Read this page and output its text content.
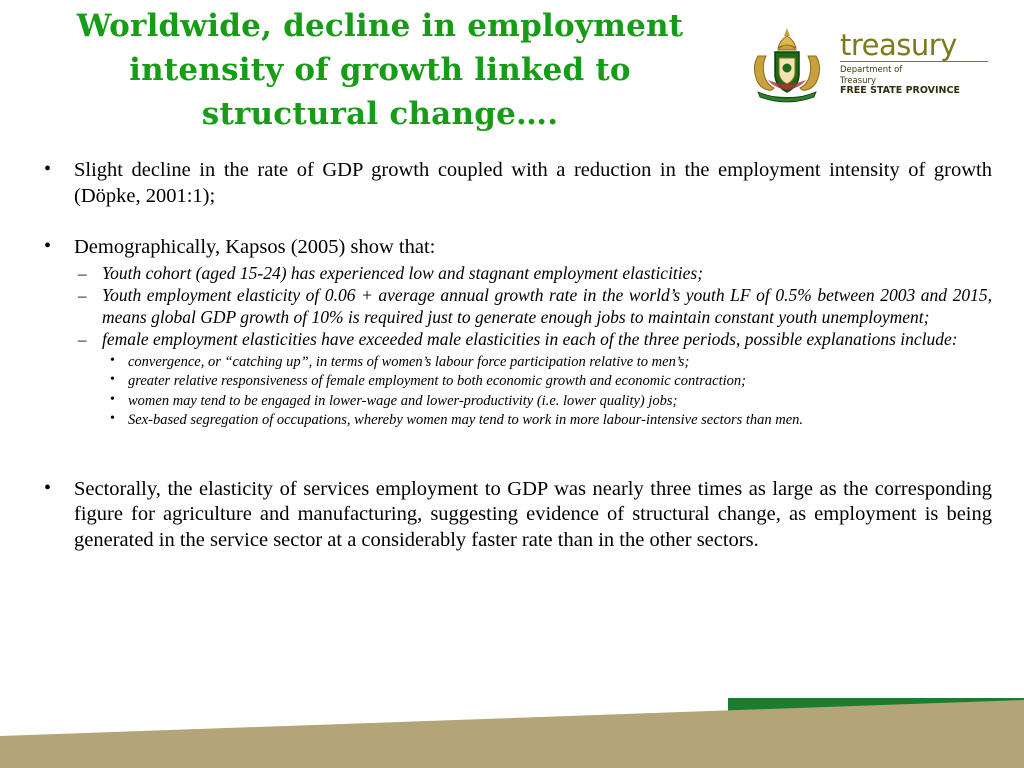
Worldwide, decline in employment
intensity of growth linked to
structural change….
treasury
Department of
Treasury
FREE STATE PROVINCE
• Slight decline in the rate of GDP growth coupled with a reduction in the employment intensity of growth (Döpke, 2001:1);
• Demographically, Kapsos (2005) show that:
– Youth cohort (aged 15-24) has experienced low and stagnant employment elasticities;
– Youth employment elasticity of 0.06 + average annual growth rate in the world’s youth LF of 0.5% between 2003 and 2015, means global GDP growth of 10% is required just to generate enough jobs to maintain constant youth unemployment;
– female employment elasticities have exceeded male elasticities in each of the three periods, possible explanations include:
• convergence, or “catching up”, in terms of women’s labour force participation relative to men’s;
• greater relative responsiveness of female employment to both economic growth and economic contraction;
• women may tend to be engaged in lower-wage and lower-productivity (i.e. lower quality) jobs;
• Sex-based segregation of occupations, whereby women may tend to work in more labour-intensive sectors than men.
• Sectorally, the elasticity of services employment to GDP was nearly three times as large as the corresponding figure for agriculture and manufacturing, suggesting evidence of structural change, as employment is being generated in the service sector at a considerably faster rate than in the other sectors.
